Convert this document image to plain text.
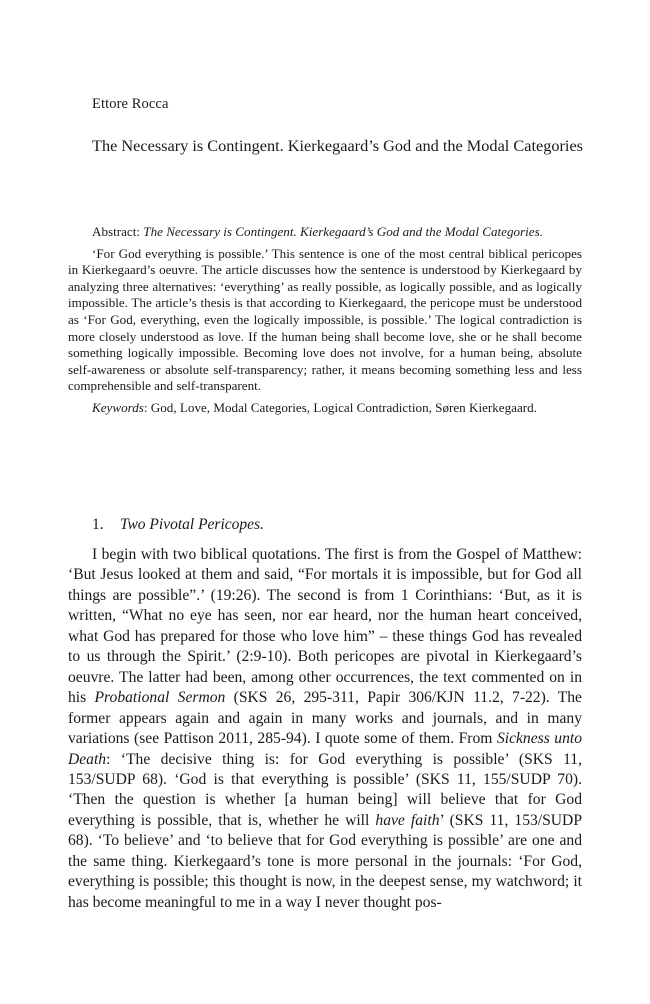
Ettore Rocca
The Necessary is Contingent. Kierkegaard’s God and the Modal Categories

Abstract: The Necessary is Contingent. Kierkegaard’s God and the Modal Categories.

‘For God everything is possible.’ This sentence is one of the most central biblical pericopes in Kierkegaard’s oeuvre. The article discusses how the sentence is understood by Kierkegaard by analyzing three alternatives: ‘everything’ as really possible, as logically possible, and as logically impossible. The article’s thesis is that according to Kierkegaard, the pericope must be understood as ‘For God, everything, even the logically impossible, is possible.’ The logical contradiction is more closely understood as love. If the human being shall become love, she or he shall become something logically impossible. Becoming love does not involve, for a human being, absolute self-awareness or absolute self-transparency; rather, it means becoming something less and less comprehensible and self-transparent.

Keywords: God, Love, Modal Categories, Logical Contradiction, Søren Kierkegaard.

1. Two Pivotal Pericopes.

I begin with two biblical quotations. The first is from the Gospel of Matthew: ‘But Jesus looked at them and said, “For mortals it is impossible, but for God all things are possible”.’ (19:26). The second is from 1 Corinthians: ‘But, as it is written, “What no eye has seen, nor ear heard, nor the human heart conceived, what God has prepared for those who love him” – these things God has revealed to us through the Spirit.’ (2:9-10). Both pericopes are pivotal in Kierkegaard’s oeuvre. The latter had been, among other occurrences, the text commented on in his Probational Sermon (SKS 26, 295-311, Papir 306/KJN 11.2, 7-22). The former appears again and again in many works and journals, and in many variations (see Pattison 2011, 285-94). I quote some of them. From Sickness unto Death: ‘The decisive thing is: for God everything is possible’ (SKS 11, 153/SUDP 68). ‘God is that everything is possible’ (SKS 11, 155/SUDP 70). ‘Then the question is whether [a human being] will believe that for God everything is possible, that is, whether he will have faith’ (SKS 11, 153/SUDP 68). ‘To believe’ and ‘to believe that for God everything is possible’ are one and the same thing. Kierkegaard’s tone is more personal in the journals: ‘For God, everything is possible; this thought is now, in the deepest sense, my watchword; it has become meaningful to me in a way I never thought pos-
